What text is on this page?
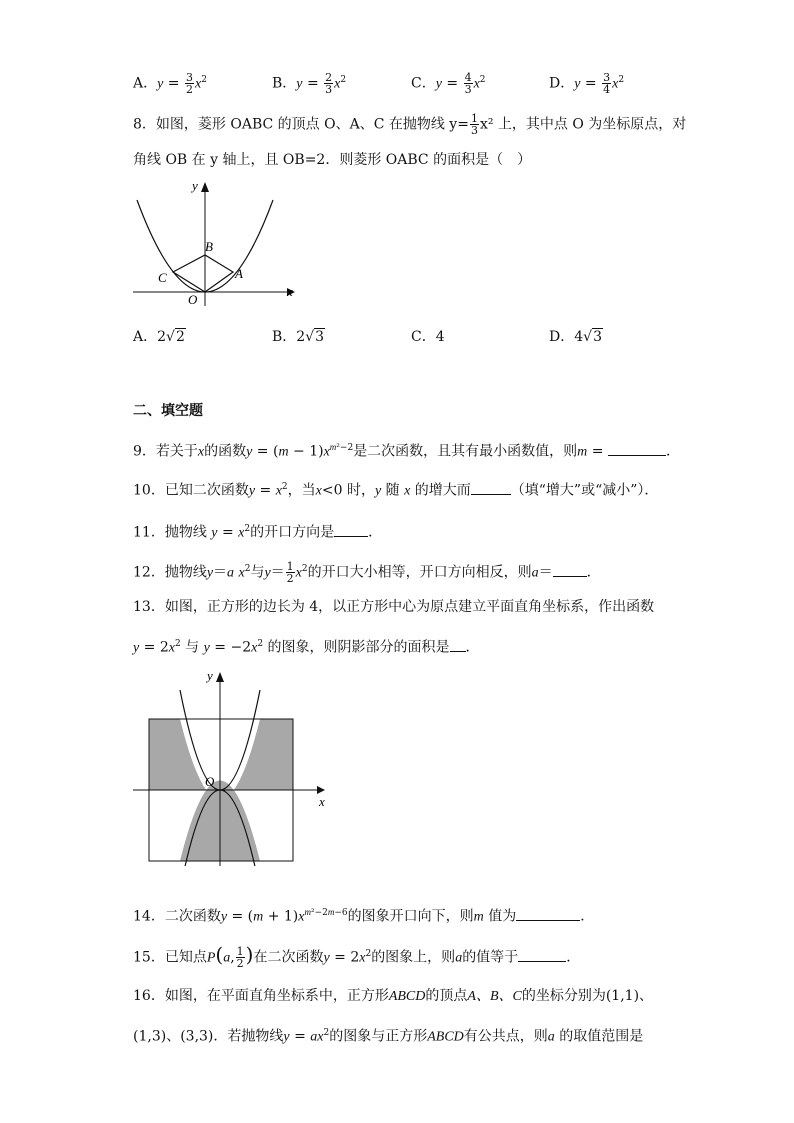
A．$y = \frac{3}{2} x^2$	B．$y = \frac{2}{3} x^2$	C．$y = \frac{4}{3} x^2$	D．$y = \frac{3}{4} x^2$
8．如图，菱形 OABC 的顶点 O、A、C 在抛物线 $y= \frac{1}{3} x^2$ 上，其中点 O 为坐标原点，对
角线 OB 在 y 轴上，且 OB=2．则菱形 OABC 的面积是（　）
y
x
B
C	A
O
A．2√2	B．2√3	C．4	D．4√3
二、填空题
9．若关于x的函数$y = (m - 1)x^{m^2-2}$是二次函数，且其有最小函数值，则m =	．
10．已知二次函数$y = x^2$，当x<0 时，y 随 x 的增大而	（填“增大”或“减小”）．
11．抛物线 $y = x^2$的开口方向是 ．
12．抛物线y＝a $x^2$与$y= \frac{1}{2} x^2$的开口大小相等，开口方向相反，则a＝ ．
13．如图，正方形的边长为 4，以正方形中心为原点建立平面直角坐标系，作出函数
$y = 2x^2$ 与 $y = -2x^2$ 的图象，则阴影部分的面积是 ．
y
x
O
14．二次函数$y = (m + 1)x^{m^2-2m-6}$的图象开口向下，则m 值为	．
15．已知点P(a, $\frac{1}{2}$ )在二次函数$y = 2x^2$的图象上，则a的值等于	．
16．如图，在平面直角坐标系中，正方形ABCD的顶点A、B、C的坐标分别为(1,1)、
(1,3)、(3,3)．若抛物线$y = ax^2$的图象与正方形ABCD有公共点，则a 的取值范围是
